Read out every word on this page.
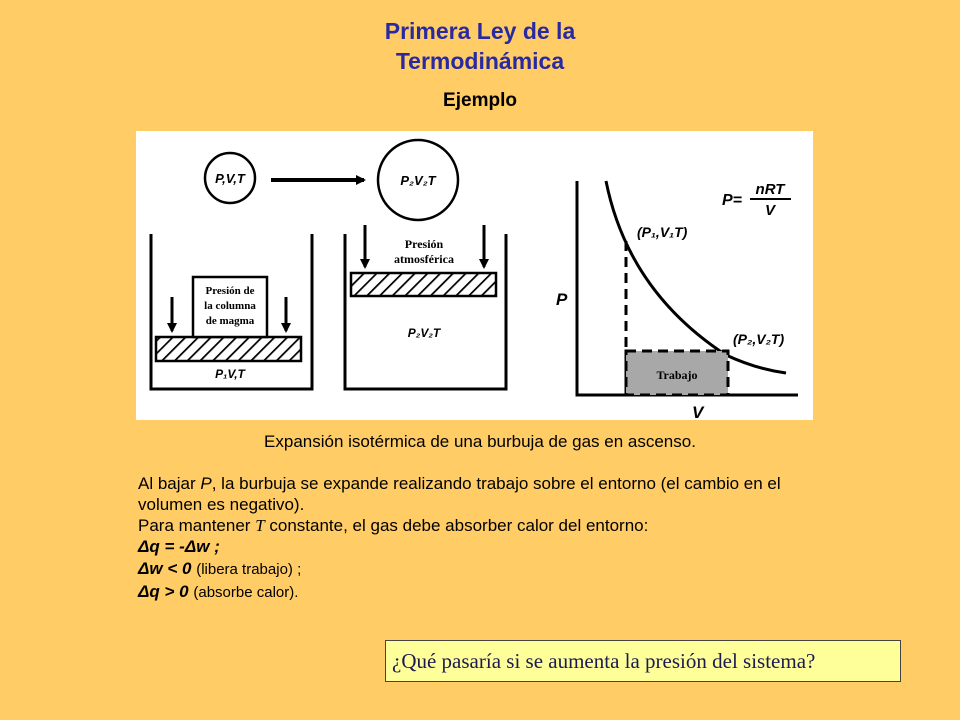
Primera Ley de la
Termodinámica
Ejemplo
P,V,T	P₂V₂T
Presión de
la columna
de magma
P₁V,T
Presión
atmosférica
P₂V₂T
Trabajo
(P₁,V₁T)
(P₂,V₂T)
P
V
P=
nRT
V
Expansión isotérmica de una burbuja de gas en ascenso.

Al bajar P, la burbuja se expande realizando trabajo sobre el entorno (el cambio en el volumen es negativo).

Para mantener T constante, el gas debe absorber calor del entorno:

Δq = -Δw ;
Δw < 0 (libera trabajo) ;
Δq > 0 (absorbe calor).
¿Qué pasaría si se aumenta la presión del sistema?
